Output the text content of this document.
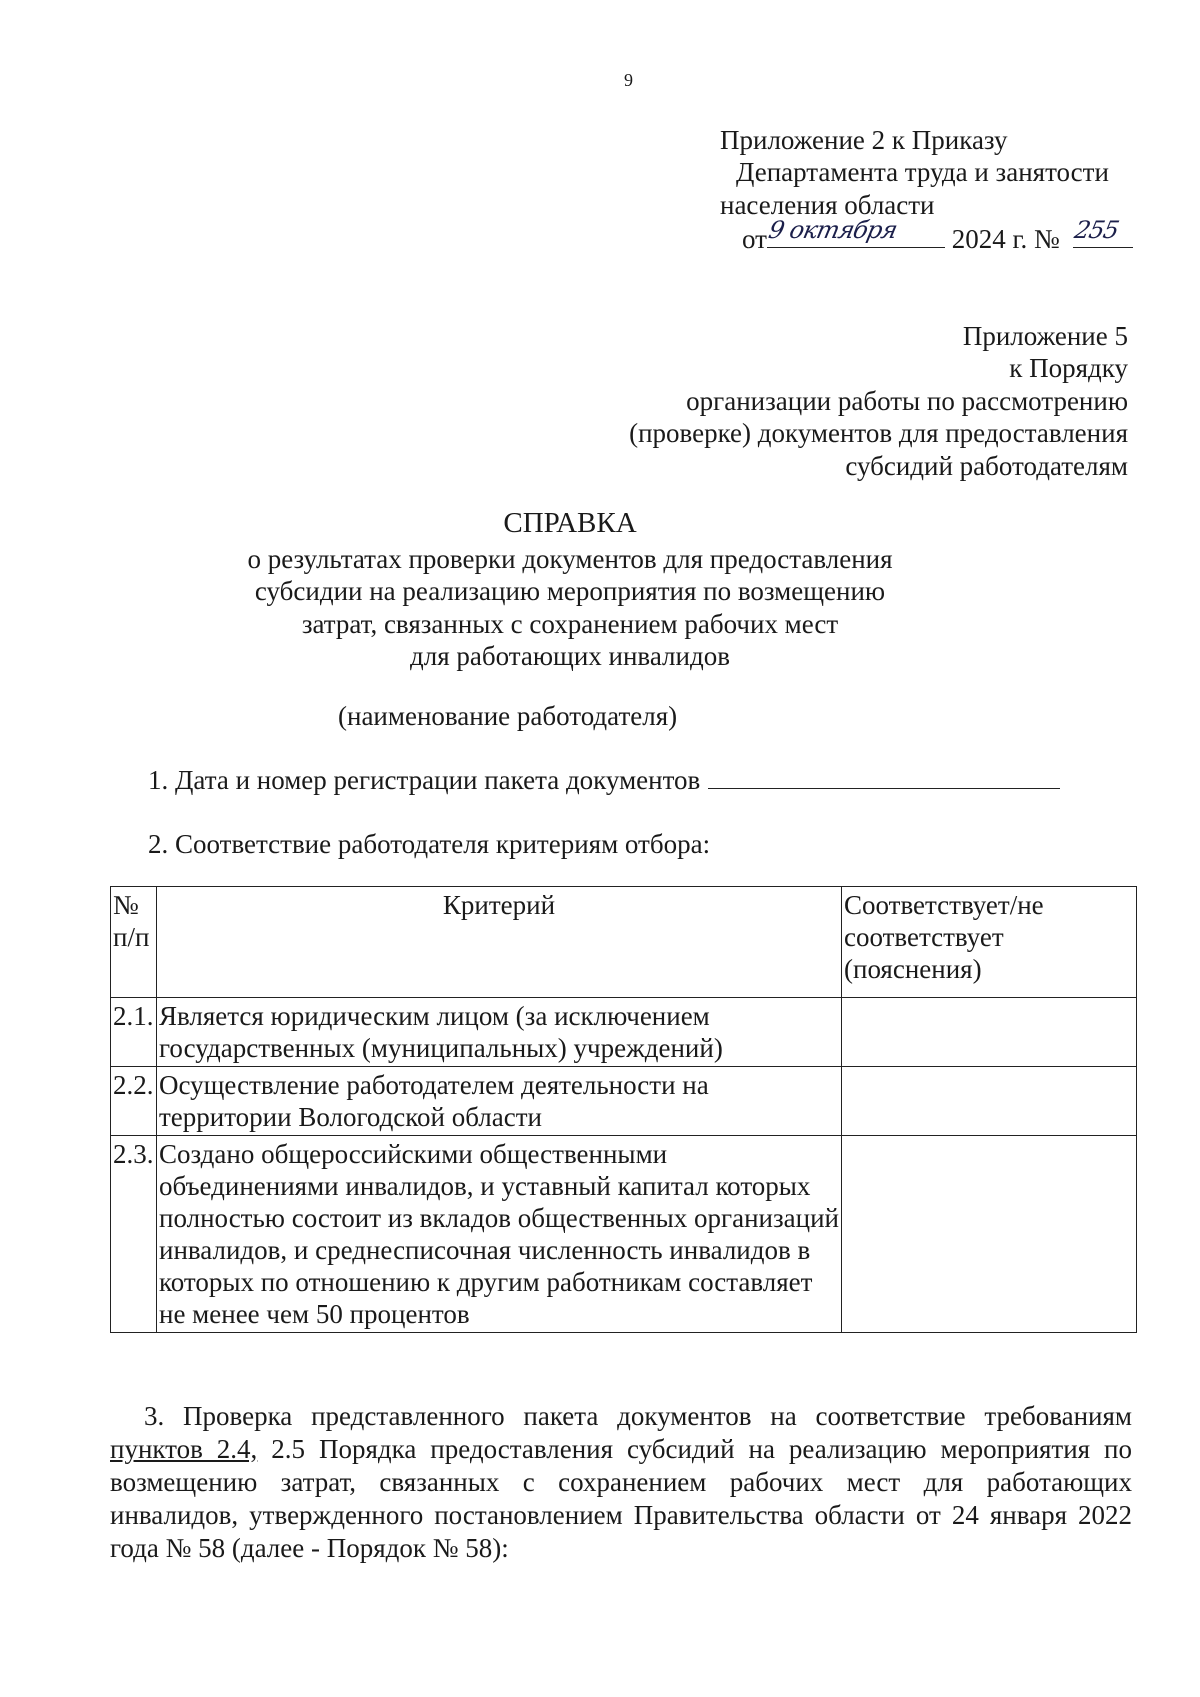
9
Приложение 2 к Приказу
Департамента труда и занятости
населения области
от 9 октября 2024 г. № 255
Приложение 5
к Порядку
организации работы по рассмотрению
(проверке) документов для предоставления
субсидий работодателям
СПРАВКА
о результатах проверки документов для предоставления
субсидии на реализацию мероприятия по возмещению
затрат, связанных с сохранением рабочих мест
для работающих инвалидов
(наименование работодателя)
1. Дата и номер регистрации пакета документов
2. Соответствие работодателя критериям отбора:
№ п/п	Критерий	Соответствует/не соответствует (пояснения)
2.1.	Является юридическим лицом (за исключением государственных (муниципальных) учреждений)	
2.2.	Осуществление работодателем деятельности на территории Вологодской области	
2.3.	Создано общероссийскими общественными объединениями инвалидов, и уставный капитал которых полностью состоит из вкладов общественных организаций инвалидов, и среднесписочная численность инвалидов в которых по отношению к другим работникам составляет не менее чем 50 процентов	
3. Проверка представленного пакета документов на соответствие требованиям пунктов 2.4, 2.5 Порядка предоставления субсидий на реализацию мероприятия по возмещению затрат, связанных с сохранением рабочих мест для работающих инвалидов, утвержденного постановлением Правительства области от 24 января 2022 года № 58 (далее - Порядок № 58):
